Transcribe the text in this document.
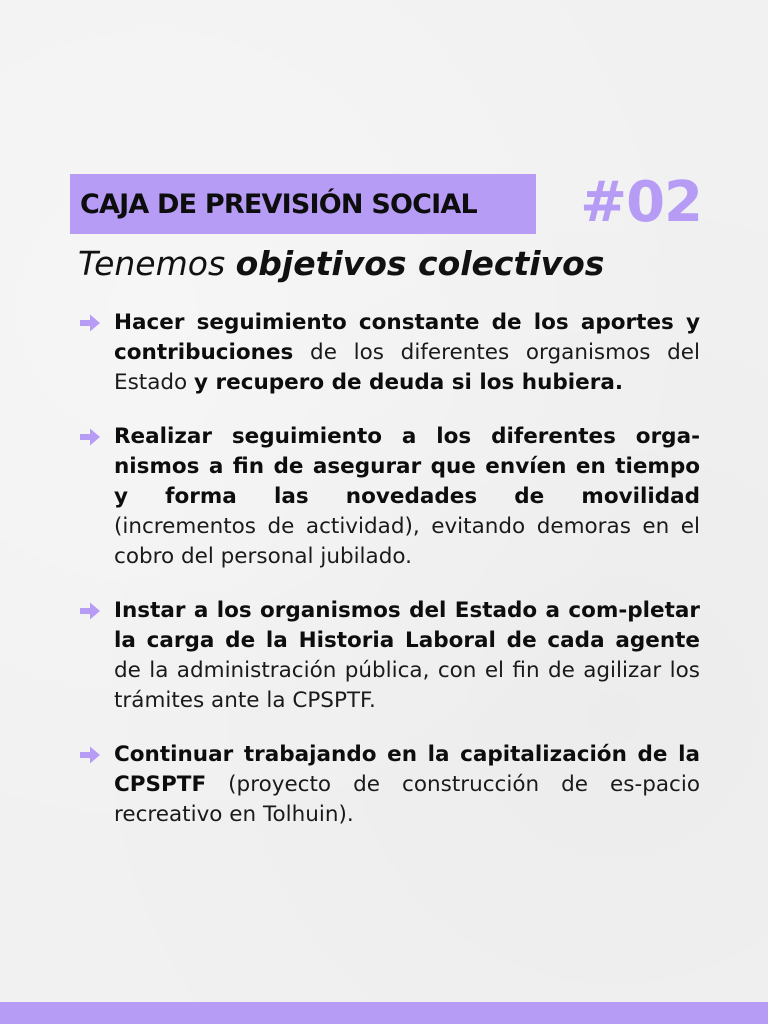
CAJA DE PREVISIÓN SOCIAL #02
Tenemos objetivos colectivos
Hacer seguimiento constante de los aportes y contribuciones de los diferentes organismos del Estado y recupero de deuda si los hubiera.
Realizar seguimiento a los diferentes orga-nismos a fin de asegurar que envíen en tiempo y forma las novedades de movilidad (incrementos de actividad), evitando demoras en el cobro del personal jubilado.
Instar a los organismos del Estado a com-pletar la carga de la Historia Laboral de cada agente de la administración pública, con el fin de agilizar los trámites ante la CPSPTF.
Continuar trabajando en la capitalización de la CPSPTF (proyecto de construcción de es-pacio recreativo en Tolhuin).
